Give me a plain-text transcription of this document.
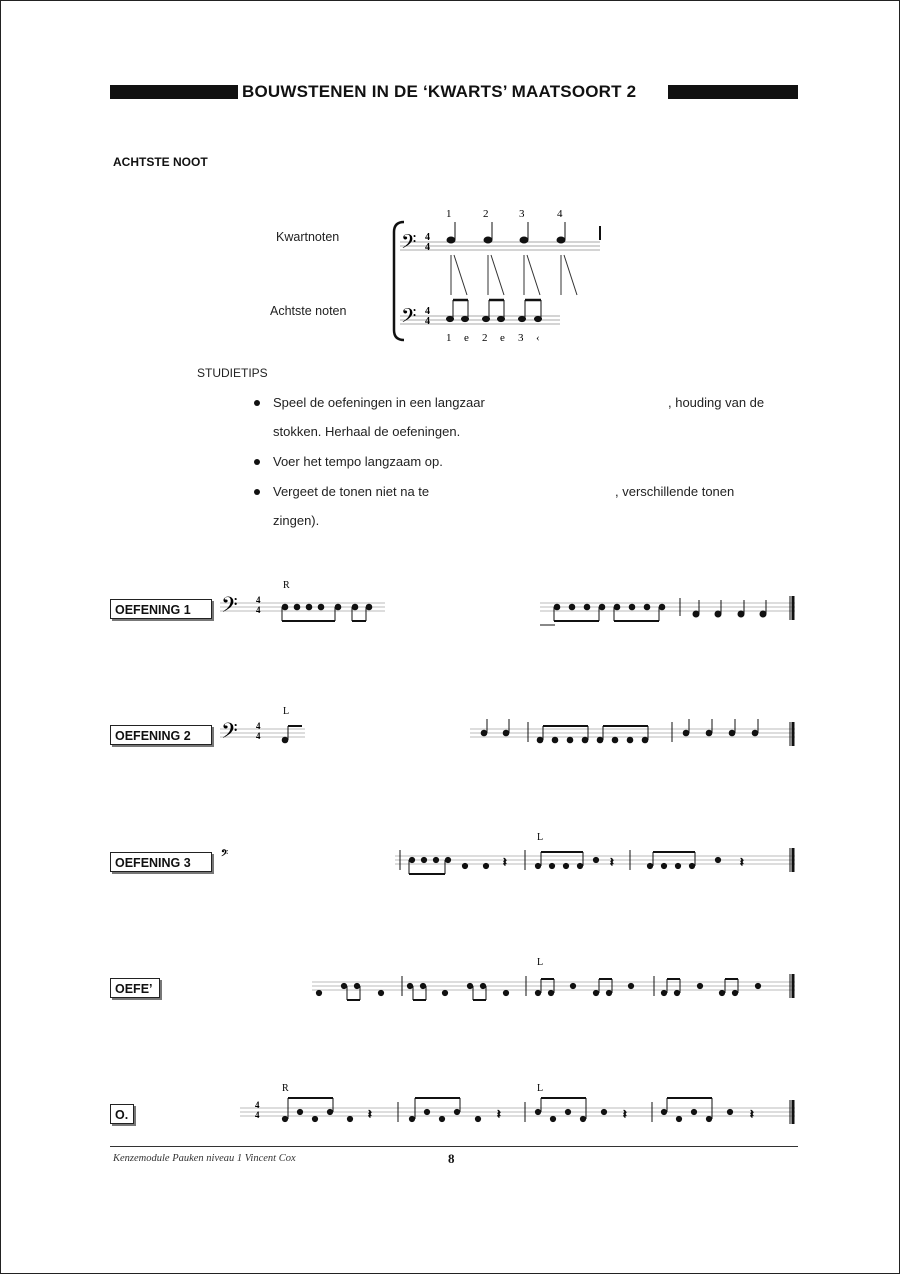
BOUWSTENEN IN DE ‘KWARTS’ MAATSOORT 2
ACHTSTE NOOT
Kwartnoten
Achtste noten
𝄢 4
4
1	2	3	4
𝄢 4
4
1 e 2 e 3 ‹
STUDIETIPS
Speel de oefeningen in een langzaar	, houding van de
stokken. Herhaal de oefeningen.
Voer het tempo langzaam op.
Vergeet de tonen niet na te	, verschillende tonen
zingen).
OEFENING 1
OEFENING 2
OEFENING 3
OEFE’
O.
𝄢 4
4
R
𝄢 4
4
L
𝄢
L
𝄽	𝄽	𝄽
L
4
4
R	L
𝄽	𝄽	𝄽	𝄽
Kenzemodule Pauken niveau 1 Vincent Cox	8
